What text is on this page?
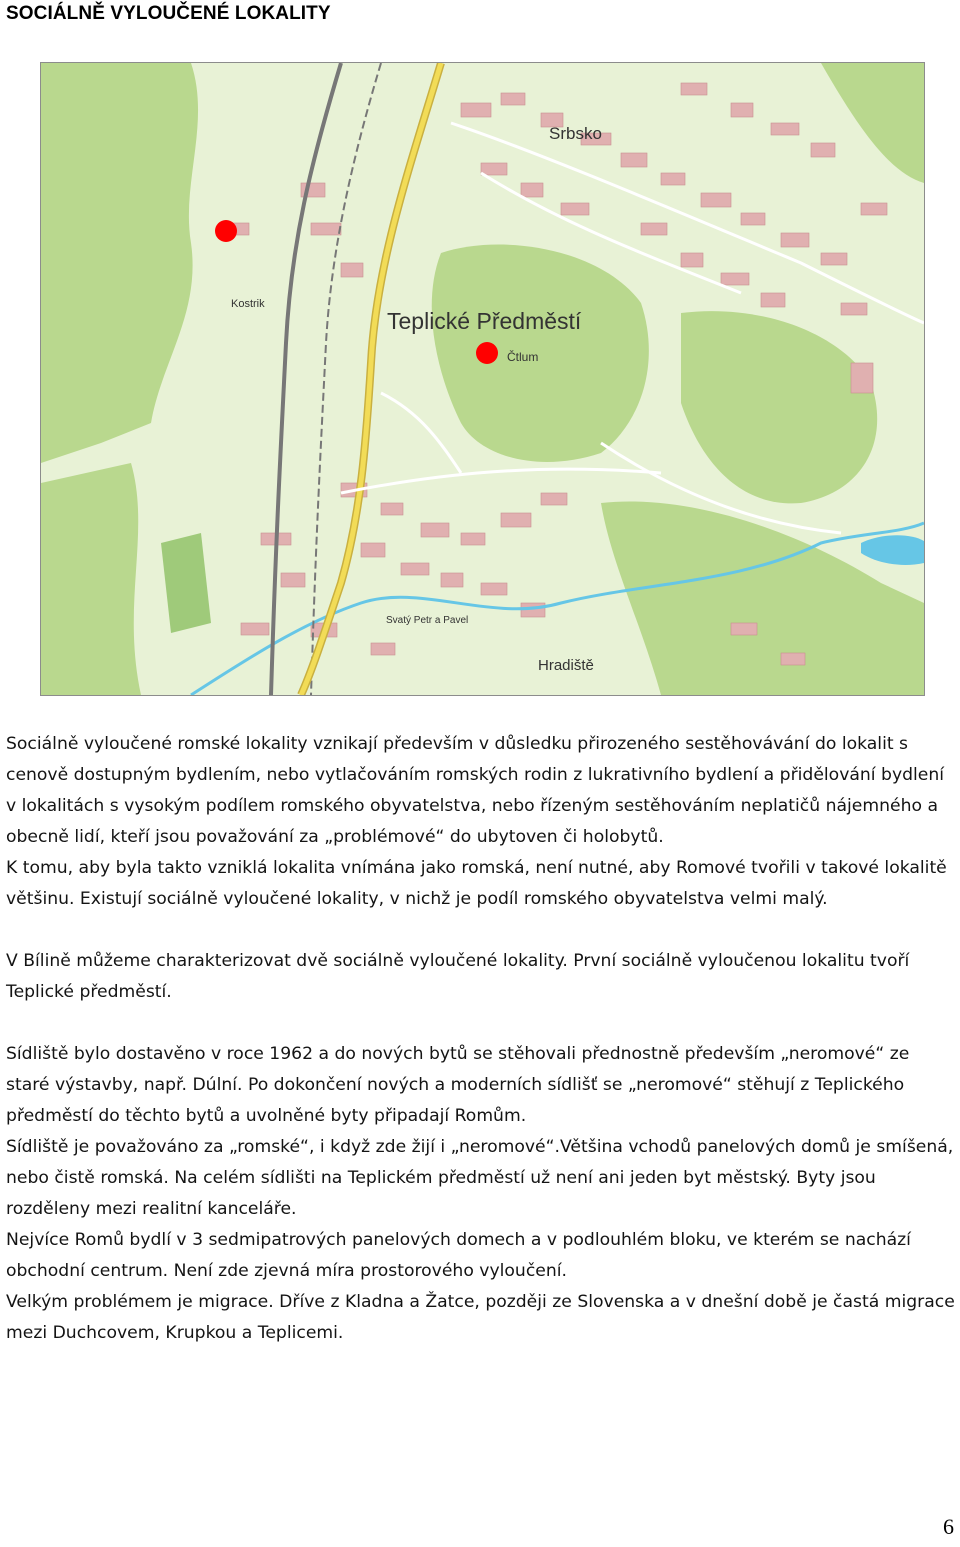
SOCIÁLNĚ VYLOUČENÉ LOKALITY
Srbsko
Kostrik
Teplické Předměstí
Čtlum
Svatý Petr a Pavel
Hradiště

Sociálně vyloučené romské lokality vznikají především v důsledku přirozeného sestěhovávání do lokalit s cenově dostupným bydlením, nebo vytlačováním romských rodin z lukrativního bydlení a přidělování bydlení v lokalitách s vysokým podílem romského obyvatelstva, nebo řízeným sestěhováním neplatičů nájemného a obecně lidí, kteří jsou považování za „problémové“ do ubytoven či holobytů.

K tomu, aby byla takto vzniklá lokalita vnímána jako romská, není nutné, aby Romové tvořili v takové lokalitě většinu. Existují sociálně vyloučené lokality, v nichž je podíl romského obyvatelstva velmi malý.

V Bílině můžeme charakterizovat dvě sociálně vyloučené lokality. První sociálně vyloučenou lokalitu tvoří Teplické předměstí.

Sídliště bylo dostavěno v roce 1962 a do nových bytů se stěhovali přednostně především „neromové“ ze staré výstavby, např. Dúlní. Po dokončení nových a moderních sídlišť se „neromové“ stěhují z Teplického předměstí do těchto bytů a uvolněné byty připadají Romům.

Sídliště je považováno za „romské“, i když zde žijí i „neromové“.Většina vchodů panelových domů je smíšená, nebo čistě romská. Na celém sídlišti na Teplickém předměstí už není ani jeden byt městský. Byty jsou rozděleny mezi realitní kanceláře.

Nejvíce Romů bydlí v 3 sedmipatrových panelových domech a v podlouhlém bloku, ve kterém se nachází obchodní centrum. Není zde zjevná míra prostorového vyloučení.

Velkým problémem je migrace. Dříve z Kladna a Žatce, později ze Slovenska a v dnešní době je častá migrace mezi Duchcovem, Krupkou a Teplicemi.

6
